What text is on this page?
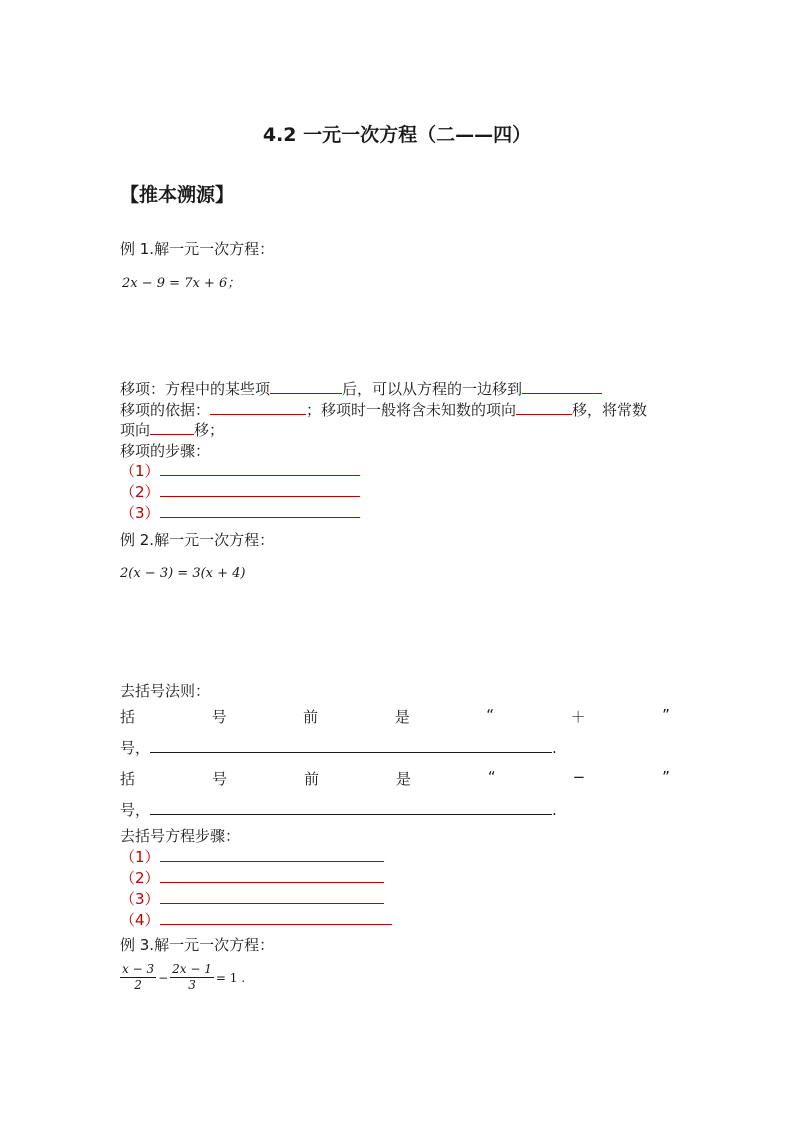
4.2 一元一次方程（二——四）
【推本溯源】
例 1.解一元一次方程：
2x − 9 = 7x + 6；
移项：方程中的某些项	后，可以从方程的一边移到
移项的依据：	；移项时一般将含未知数的项向	移，将常数
项向	移；
移项的步骤：
（1）
（2）
（3）
例 2.解一元一次方程：
2(x − 3) = 3(x + 4)
去括号法则：
括	号	前	是	“	＋	”
号，	.
括	号	前	是	“	−	”
号，	.
去括号方程步骤：
（1）
（2）
（3）
（4）
例 3.解一元一次方程：
$\frac{x - 3}{2} - \frac{2x - 1}{3} = 1$ .
